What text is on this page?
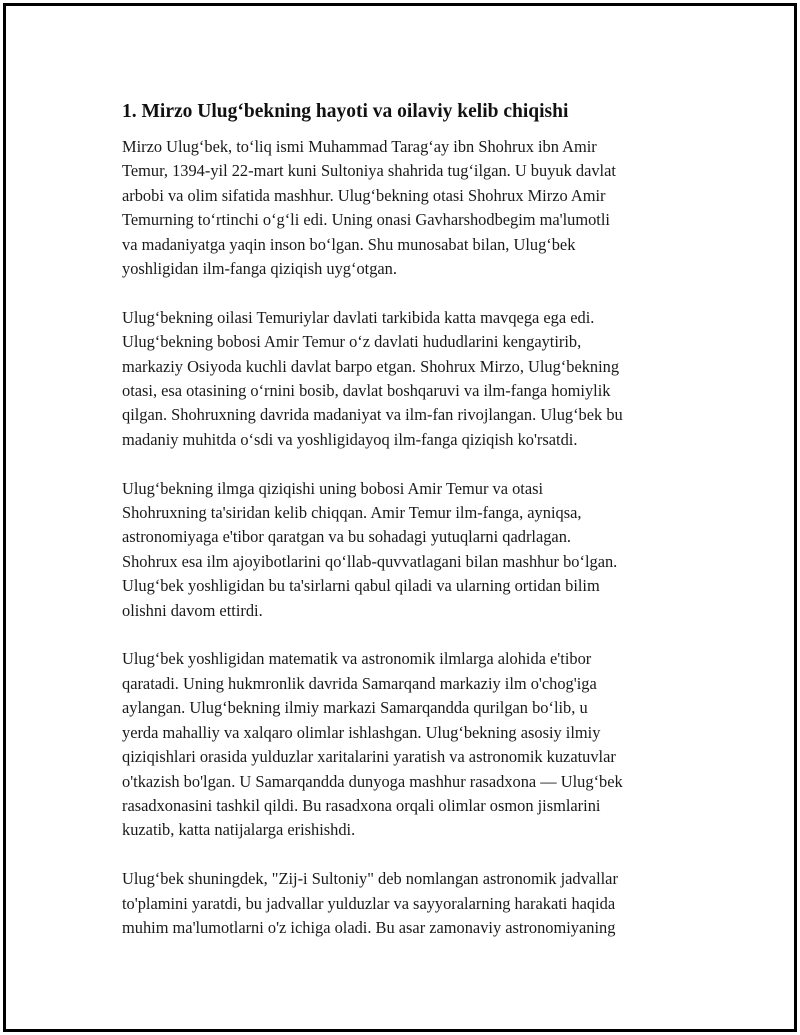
1. Mirzo Ulug‘bekning hayoti va oilaviy kelib chiqishi

Mirzo Ulug‘bek, to‘liq ismi Muhammad Tarag‘ay ibn Shohrux ibn Amir
Temur, 1394-yil 22-mart kuni Sultoniya shahrida tug‘ilgan. U buyuk davlat
arbobi va olim sifatida mashhur. Ulug‘bekning otasi Shohrux Mirzo Amir
Temurning to‘rtinchi o‘g‘li edi. Uning onasi Gavharshodbegim ma'lumotli
va madaniyatga yaqin inson bo‘lgan. Shu munosabat bilan, Ulug‘bek
yoshligidan ilm-fanga qiziqish uyg‘otgan.

Ulug‘bekning oilasi Temuriylar davlati tarkibida katta mavqega ega edi.
Ulug‘bekning bobosi Amir Temur o‘z davlati hududlarini kengaytirib,
markaziy Osiyoda kuchli davlat barpo etgan. Shohrux Mirzo, Ulug‘bekning
otasi, esa otasining o‘rnini bosib, davlat boshqaruvi va ilm-fanga homiylik
qilgan. Shohruxning davrida madaniyat va ilm-fan rivojlangan. Ulug‘bek bu
madaniy muhitda o‘sdi va yoshligidayoq ilm-fanga qiziqish ko'rsatdi.

Ulug‘bekning ilmga qiziqishi uning bobosi Amir Temur va otasi
Shohruxning ta'siridan kelib chiqqan. Amir Temur ilm-fanga, ayniqsa,
astronomiyaga e'tibor qaratgan va bu sohadagi yutuqlarni qadrlagan.
Shohrux esa ilm ajoyibotlarini qo‘llab-quvvatlagani bilan mashhur bo‘lgan.
Ulug‘bek yoshligidan bu ta'sirlarni qabul qiladi va ularning ortidan bilim
olishni davom ettirdi.

Ulug‘bek yoshligidan matematik va astronomik ilmlarga alohida e'tibor
qaratadi. Uning hukmronlik davrida Samarqand markaziy ilm o'chog'iga
aylangan. Ulug‘bekning ilmiy markazi Samarqandda qurilgan bo‘lib, u
yerda mahalliy va xalqaro olimlar ishlashgan. Ulug‘bekning asosiy ilmiy
qiziqishlari orasida yulduzlar xaritalarini yaratish va astronomik kuzatuvlar
o'tkazish bo'lgan. U Samarqandda dunyoga mashhur rasadxona — Ulug‘bek
rasadxonasini tashkil qildi. Bu rasadxona orqali olimlar osmon jismlarini
kuzatib, katta natijalarga erishishdi.

Ulug‘bek shuningdek, "Zij-i Sultoniy" deb nomlangan astronomik jadvallar
to'plamini yaratdi, bu jadvallar yulduzlar va sayyoralarning harakati haqida
muhim ma'lumotlarni o'z ichiga oladi. Bu asar zamonaviy astronomiyaning
